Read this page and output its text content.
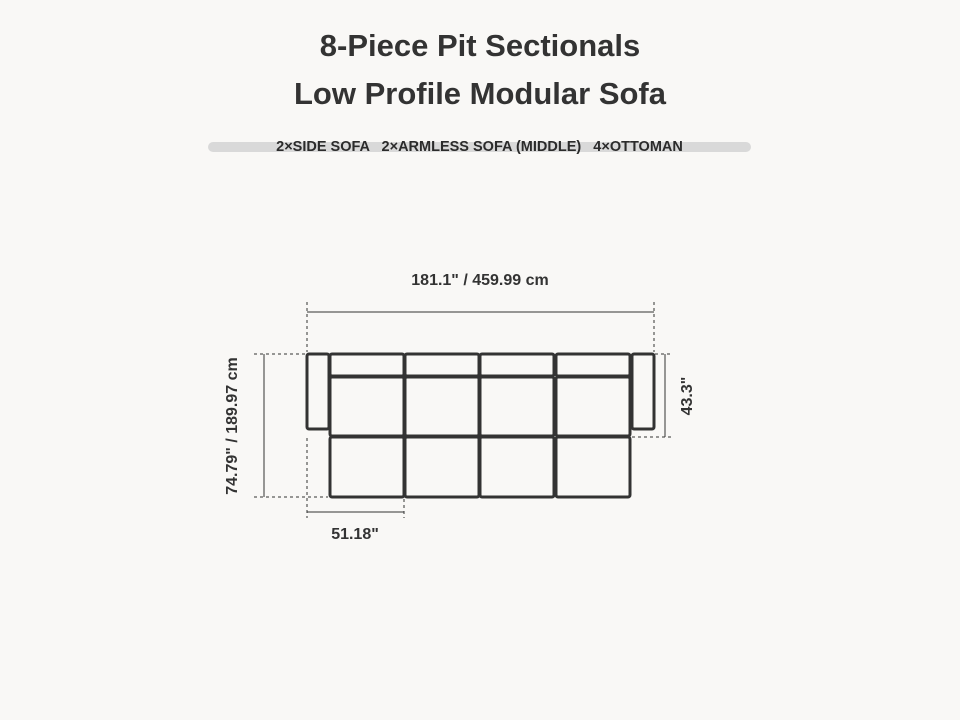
8-Piece Pit Sectionals
Low Profile Modular Sofa
2×SIDE SOFA   2×ARMLESS SOFA (MIDDLE)   4×OTTOMAN
181.1" / 459.99 cm
74.79" / 189.97 cm	43.3"
51.18"
